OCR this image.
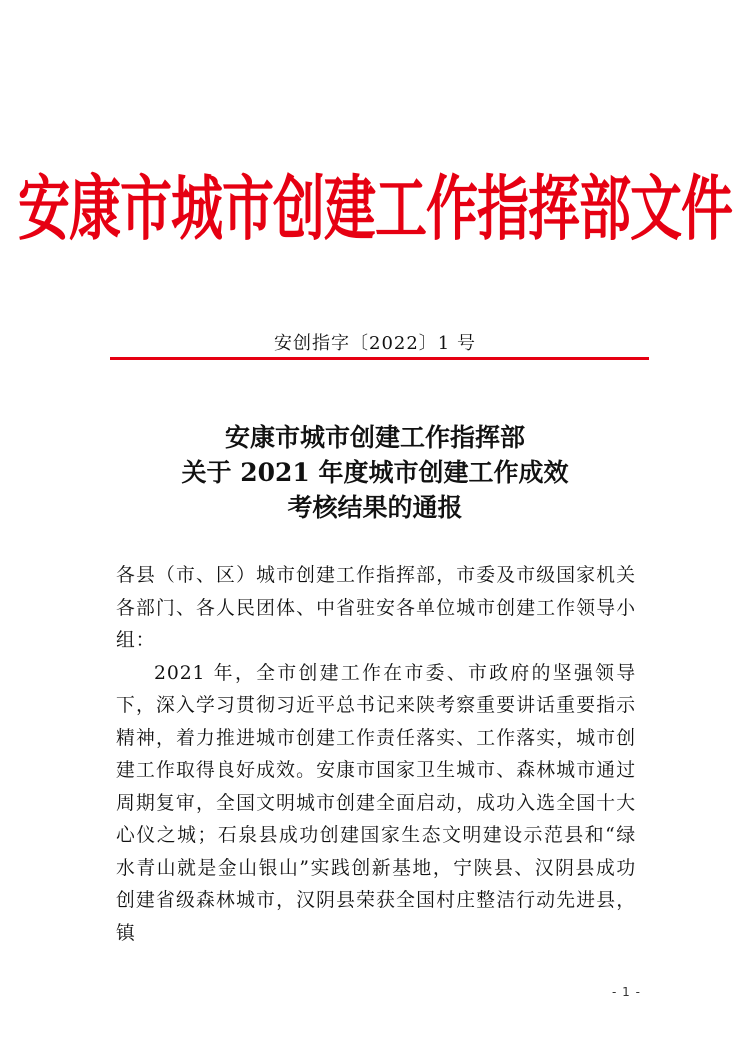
安康市城市创建工作指挥部文件
安创指字〔2022〕1 号
安康市城市创建工作指挥部
关于 2021 年度城市创建工作成效
考核结果的通报

各县（市、区）城市创建工作指挥部，市委及市级国家机关各部门、各人民团体、中省驻安各单位城市创建工作领导小组：

2021 年，全市创建工作在市委、市政府的坚强领导下，深入学习贯彻习近平总书记来陕考察重要讲话重要指示精神，着力推进城市创建工作责任落实、工作落实，城市创建工作取得良好成效。安康市国家卫生城市、森林城市通过周期复审，全国文明城市创建全面启动，成功入选全国十大心仪之城；石泉县成功创建国家生态文明建设示范县和“绿水青山就是金山银山”实践创新基地，宁陕县、汉阴县成功创建省级森林城市，汉阴县荣获全国村庄整洁行动先进县，镇

- 1 -
